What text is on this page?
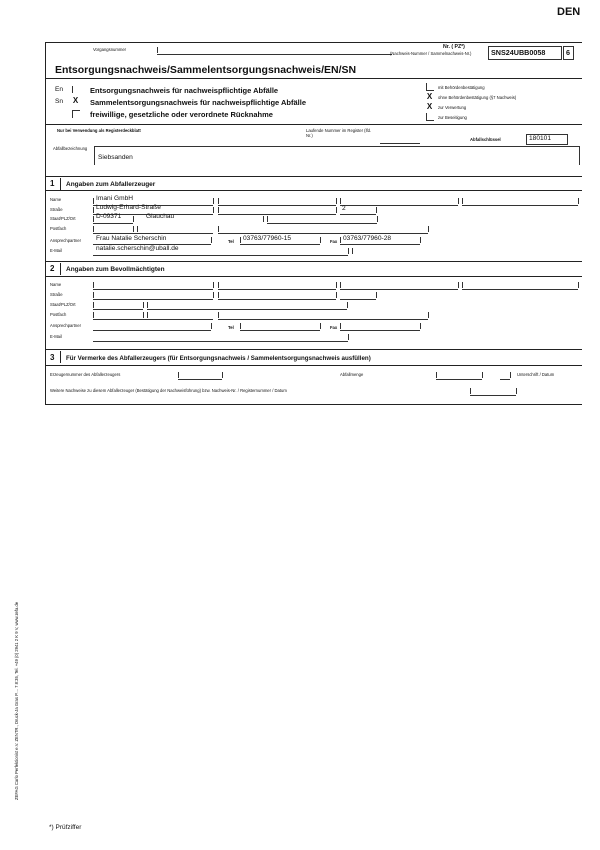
DEN
Vorgangsnummer	Nr. ( PZ*)
(Nachweis-Nummer / Sammelnachweis-Nr.)	SNS24UBB0058	6
Entsorgungsnachweis/Sammelentsorgungsnachweis/EN/SN
En	Entsorgungsnachweis für nachweispflichtige Abfälle
Sn X Sammelentsorgungsnachweis für nachweispflichtige Abfälle
freiwillige, gesetzliche oder verordnete Rücknahme
mit Behördenbestätigung
X ohne Behördenbestätigung (§7 Nachweis)
X zur Verwertung
zur Beseitigung
Nur bei Verwendung als Registerdeckblatt	Laufende Nummer im Register (lfd. Nr.)
Abfallschlüssel	180101
Abfallbezeichnung
Siebsanden
1 Angaben zum Abfallerzeuger
Name	Imani GmbH
Straße	Ludwig-Erhard-Straße	2
Staat/PLZ/Ort	D-09371	Glauchau
Postfach
Ansprechpartner Frau Natalie Scherschin	Tel 03763/77960-15	Fax 03763/77960-28
E-Mail	natalie.scherschin@uball.de
2 Angaben zum Bevollmächtigten
Name
Straße
Staat/PLZ/Ort
Postfach
Ansprechpartner	Tel	Fax
E-Mail
3 Für Vermerke des Abfallerzeugers (für Entsorgungsnachweis / Sammelentsorgungsnachweis ausfüllen)
Erzeugernummer des Abfallerzeugers	Abfallmenge	Unterschrift / Datum
Weitere Nachweise zu diesem Abfallerzeuger (Bestätigung der Nachweisführung) bzw. Nachweis-Nr. / Registernummer / Datum
ZEFAG Carlo Perfektionist e.V. ZENTR., Druck-Ja Gras P.... 7 8:35, Tel. +49 (0) 2941 2 K 9 V, www.zefa.de
*) Prüfziffer
